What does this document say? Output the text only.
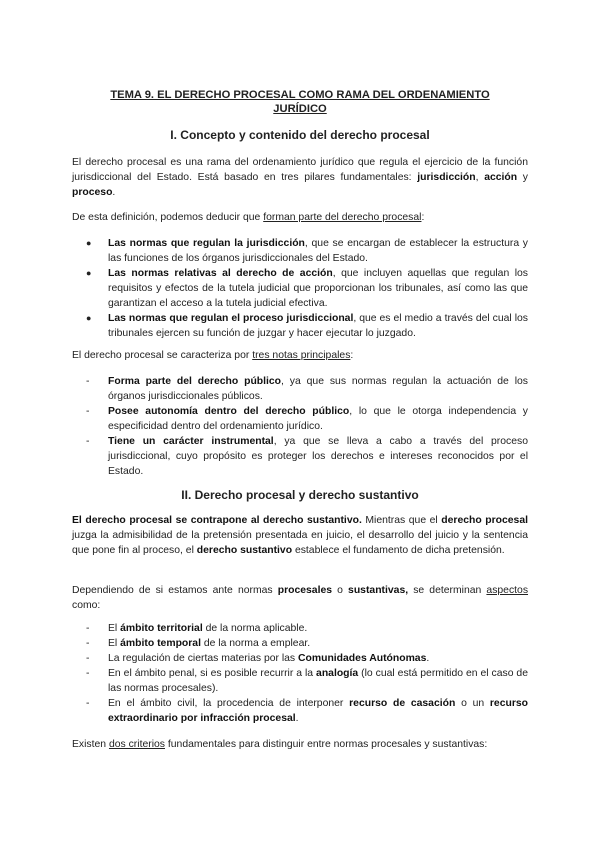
TEMA 9. EL DERECHO PROCESAL COMO RAMA DEL ORDENAMIENTO
JURÍDICO
I. Concepto y contenido del derecho procesal

El derecho procesal es una rama del ordenamiento jurídico que regula el ejercicio de la función jurisdiccional del Estado. Está basado en tres pilares fundamentales: jurisdicción, acción y proceso.

De esta definición, podemos deducir que forman parte del derecho procesal:

● Las normas que regulan la jurisdicción, que se encargan de establecer la estructura y las funciones de los órganos jurisdiccionales del Estado.
● Las normas relativas al derecho de acción, que incluyen aquellas que regulan los requisitos y efectos de la tutela judicial que proporcionan los tribunales, así como las que garantizan el acceso a la tutela judicial efectiva.
● Las normas que regulan el proceso jurisdiccional, que es el medio a través del cual los tribunales ejercen su función de juzgar y hacer ejecutar lo juzgado.

El derecho procesal se caracteriza por tres notas principales:

- Forma parte del derecho público, ya que sus normas regulan la actuación de los órganos jurisdiccionales públicos.
- Posee autonomía dentro del derecho público, lo que le otorga independencia y especificidad dentro del ordenamiento jurídico.
- Tiene un carácter instrumental, ya que se lleva a cabo a través del proceso jurisdiccional, cuyo propósito es proteger los derechos e intereses reconocidos por el Estado.
II. Derecho procesal y derecho sustantivo

El derecho procesal se contrapone al derecho sustantivo. Mientras que el derecho procesal juzga la admisibilidad de la pretensión presentada en juicio, el desarrollo del juicio y la sentencia que pone fin al proceso, el derecho sustantivo establece el fundamento de dicha pretensión.

Dependiendo de si estamos ante normas procesales o sustantivas, se determinan aspectos como:

- El ámbito territorial de la norma aplicable.
- El ámbito temporal de la norma a emplear.
- La regulación de ciertas materias por las Comunidades Autónomas.
- En el ámbito penal, si es posible recurrir a la analogía (lo cual está permitido en el caso de las normas procesales).
- En el ámbito civil, la procedencia de interponer recurso de casación o un recurso extraordinario por infracción procesal.

Existen dos criterios fundamentales para distinguir entre normas procesales y sustantivas:
